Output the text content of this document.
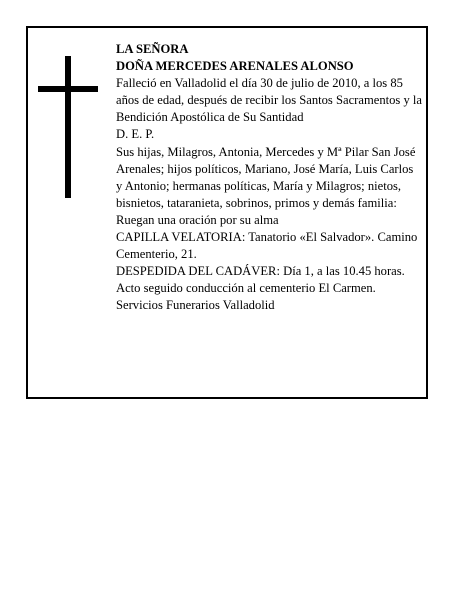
LA SEÑORA

DOÑA MERCEDES ARENALES ALONSO

Falleció en Valladolid el día 30 de julio de 2010, a los 85 años de edad, después de recibir los Santos Sacramentos y la Bendición Apostólica de Su Santidad

D. E. P.

Sus hijas, Milagros, Antonia, Mercedes y Mª Pilar San José Arenales; hijos políticos, Mariano, José María, Luis Carlos y Antonio; hermanas políticas, María y Milagros; nietos, bisnietos, tataranieta, sobrinos, primos y demás familia:

Ruegan una oración por su alma

CAPILLA VELATORIA: Tanatorio «El Salvador». Camino Cementerio, 21.

DESPEDIDA DEL CADÁVER: Día 1, a las 10.45 horas. Acto seguido conducción al cementerio El Carmen.

Servicios Funerarios Valladolid
